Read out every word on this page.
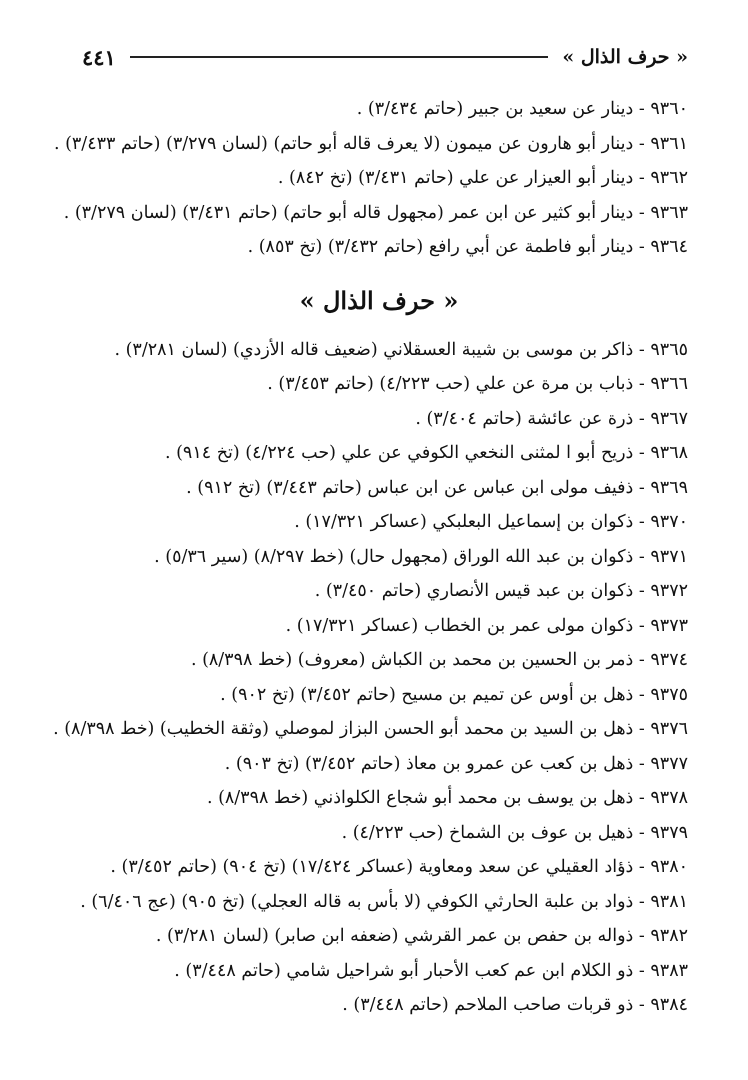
٤٤١	« حرف الذال »

٩٣٦٠ - دينار عن سعيد بن جبير (حاتم ٣/٤٣٤) .

٩٣٦١ - دينار أبو هارون عن ميمون (لا يعرف قاله أبو حاتم) (لسان ٣/٢٧٩) (حاتم ٣/٤٣٣) .

٩٣٦٢ - دينار أبو العيزار عن علي (حاتم ٣/٤٣١) (تخ ٨٤٢) .

٩٣٦٣ - دينار أبو كثير عن ابن عمر (مجهول قاله أبو حاتم) (حاتم ٣/٤٣١) (لسان ٣/٢٧٩) .

٩٣٦٤ - دينار أبو فاطمة عن أبي رافع (حاتم ٣/٤٣٢) (تخ ٨٥٣) .

« حرف الذال »

٩٣٦٥ - ذاكر بن موسى بن شيبة العسقلاني (ضعيف قاله الأزدي) (لسان ٣/٢٨١) .

٩٣٦٦ - ذباب بن مرة عن علي (حب ٤/٢٢٣) (حاتم ٣/٤٥٣) .

٩٣٦٧ - ذرة عن عائشة (حاتم ٣/٤٠٤) .

٩٣٦٨ - ذريح أبو ا لمثنى النخعي الكوفي عن علي (حب ٤/٢٢٤) (تخ ٩١٤) .

٩٣٦٩ - ذفيف مولى ابن عباس عن ابن عباس (حاتم ٣/٤٤٣) (تخ ٩١٢) .

٩٣٧٠ - ذكوان بن إسماعيل البعلبكي (عساكر ١٧/٣٢١) .

٩٣٧١ - ذكوان بن عبد الله الوراق (مجهول حال) (خط ٨/٢٩٧) (سير ٥/٣٦) .

٩٣٧٢ - ذكوان بن عبد قيس الأنصاري (حاتم ٣/٤٥٠) .

٩٣٧٣ - ذكوان مولى عمر بن الخطاب (عساكر ١٧/٣٢١) .

٩٣٧٤ - ذمر بن الحسين بن محمد بن الكباش (معروف) (خط ٨/٣٩٨) .

٩٣٧٥ - ذهل بن أوس عن تميم بن مسيح (حاتم ٣/٤٥٢) (تخ ٩٠٢) .

٩٣٧٦ - ذهل بن السيد بن محمد أبو الحسن البزاز لموصلي (وثقة الخطيب) (خط ٨/٣٩٨) .

٩٣٧٧ - ذهل بن كعب عن عمرو بن معاذ (حاتم ٣/٤٥٢) (تخ ٩٠٣) .

٩٣٧٨ - ذهل بن يوسف بن محمد أبو شجاع الكلواذني (خط ٨/٣٩٨) .

٩٣٧٩ - ذهيل بن عوف بن الشماخ (حب ٤/٢٢٣) .

٩٣٨٠ - ذؤاد العقيلي عن سعد ومعاوية (عساكر ١٧/٤٢٤) (تخ ٩٠٤) (حاتم ٣/٤٥٢) .

٩٣٨١ - ذواد بن علبة الحارثي الكوفي (لا بأس به قاله العجلي) (تخ ٩٠٥) (عج ٦/٤٠٦) .

٩٣٨٢ - ذواله بن حفص بن عمر القرشي (ضعفه ابن صابر) (لسان ٣/٢٨١) .

٩٣٨٣ - ذو الكلام ابن عم كعب الأحبار أبو شراحيل شامي (حاتم ٣/٤٤٨) .

٩٣٨٤ - ذو قربات صاحب الملاحم (حاتم ٣/٤٤٨) .
